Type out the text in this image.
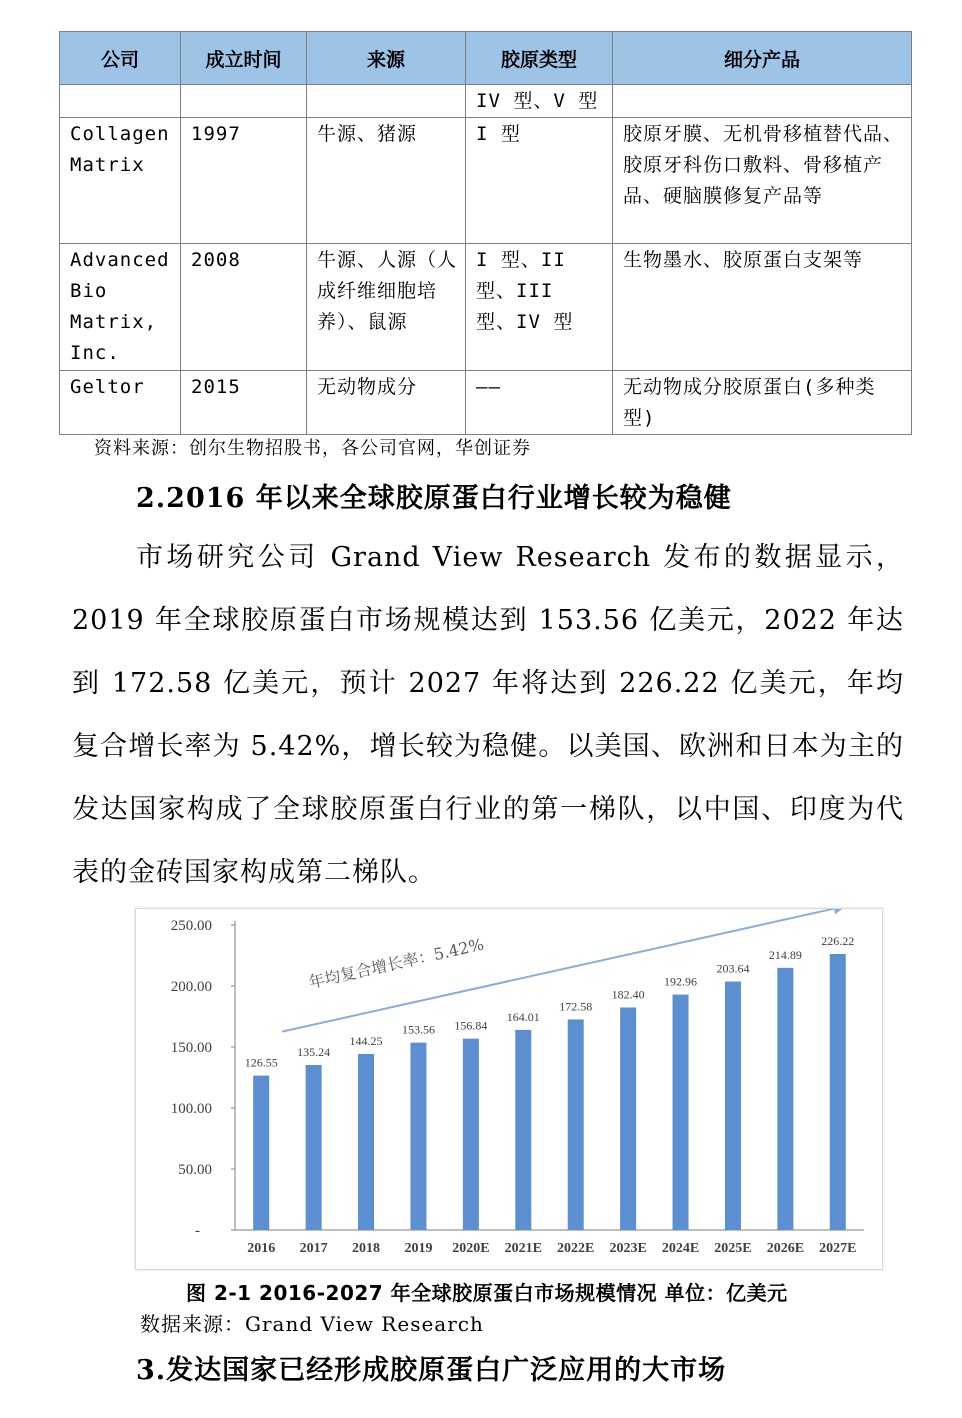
公司	成立时间	来源	胶原类型	细分产品
			IV 型、V 型	
Collagen Matrix	1997	牛源、猪源	I 型	胶原牙膜、无机骨移植替代品、胶原牙科伤口敷料、骨移植产品、硬脑膜修复产品等
Advanced Bio Matrix, Inc.	2008	牛源、人源（人成纤维细胞培养）、鼠源	I 型、II 型、III 型、IV 型	生物墨水、胶原蛋白支架等
Geltor	2015	无动物成分	——	无动物成分胶原蛋白(多种类型)
资料来源：创尔生物招股书，各公司官网，华创证券
2.2016 年以来全球胶原蛋白行业增长较为稳健

市场研究公司 Grand View Research 发布的数据显示，2019 年全球胶原蛋白市场规模达到 153.56 亿美元，2022 年达到 172.58 亿美元，预计 2027 年将达到 226.22 亿美元，年均复合增长率为 5.42%，增长较为稳健。以美国、欧洲和日本为主的发达国家构成了全球胶原蛋白行业的第一梯队，以中国、印度为代表的金砖国家构成第二梯队。

-
50.00
100.00
150.00
200.00
250.00
126.55
2016
135.24
2017
144.25
2018
153.56
2019
156.84
2020E
164.01
2021E
172.58
2022E
182.40
2023E
192.96
2024E
203.64
2025E
214.89
2026E
226.22
2027E
年均复合增长率：5.42%
图 2-1 2016-2027 年全球胶原蛋白市场规模情况 单位：亿美元
数据来源：Grand View Research
3.发达国家已经形成胶原蛋白广泛应用的大市场
